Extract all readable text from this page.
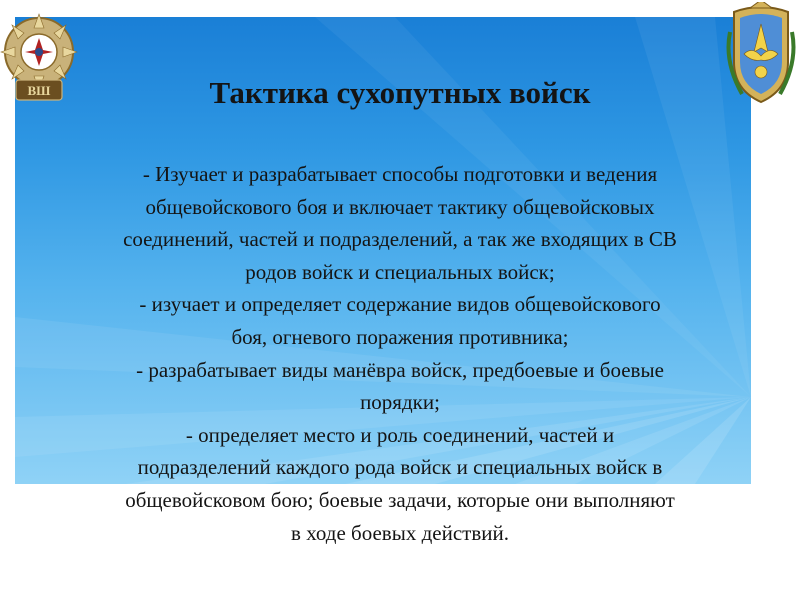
ВШ	Тактика сухопутных войск

- Изучает и разрабатывает способы подготовки и ведения
общевойскового боя и включает тактику общевойсковых
соединений, частей и подразделений, а так же входящих в СВ
родов войск и специальных войск;
- изучает и определяет содержание видов общевойскового
боя, огневого поражения противника;
- разрабатывает виды манёвра войск, предбоевые и боевые
порядки;
- определяет место и роль соединений, частей и
подразделений каждого рода войск и специальных войск в
общевойсковом бою; боевые задачи, которые они выполняют
в ходе боевых действий.
